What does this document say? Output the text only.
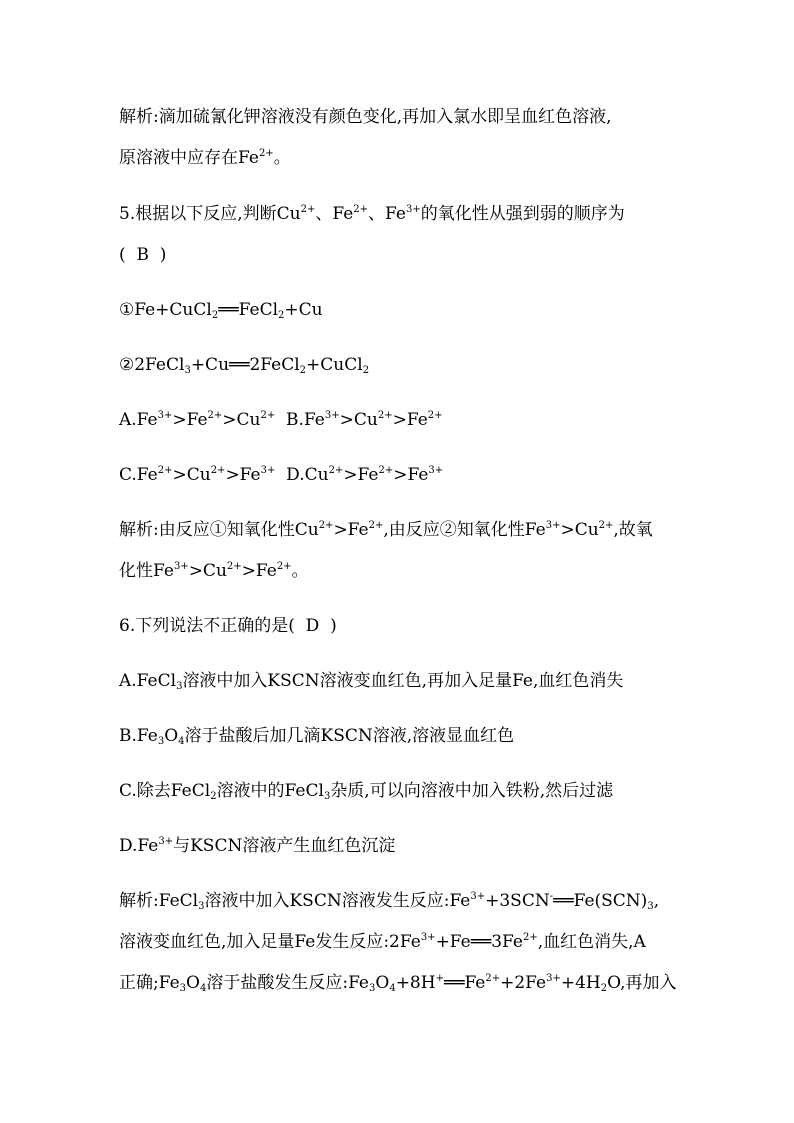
解析:滴加硫氰化钾溶液没有颜色变化,再加入氯水即呈血红色溶液,
原溶液中应存在$Fe^{2+}$。
5.根据以下反应,判断$Cu^{2+}$、$Fe^{2+}$、$Fe^{3+}$的氧化性从强到弱的顺序为
(  B  )
①Fe+CuCl$_2$══FeCl$_2$+Cu
②2FeCl$_3$+Cu══2FeCl$_2$+CuCl$_2$
$A.Fe^{3+}>Fe^{2+}>Cu^{2+}$  $B.Fe^{3+}>Cu^{2+}>Fe^{2+}$
$C.Fe^{2+}>Cu^{2+}>Fe^{3+}$  $D.Cu^{2+}>Fe^{2+}>Fe^{3+}$
解析:由反应①知氧化性$Cu^{2+}>Fe^{2+}$,由反应②知氧化性$Fe^{3+}>Cu^{2+}$,故氧
化性$Fe^{3+}>Cu^{2+}>Fe^{2+}$。
6.下列说法不正确的是(  D  )
A.FeCl$_3$溶液中加入KSCN溶液变血红色,再加入足量Fe,血红色消失
$B.Fe_3O_4$溶于盐酸后加几滴KSCN溶液,溶液显血红色
C.除去FeCl$_2$溶液中的FeCl$_3$杂质,可以向溶液中加入铁粉,然后过滤
$D.Fe^{3+}$与KSCN溶液产生血红色沉淀
解析:FeCl$_3$溶液中加入KSCN溶液发生反应$:Fe^{3+}+3SCN^-══Fe(SCN)_3$,
溶液变血红色,加入足量Fe发生反应$:2Fe^{3+}+Fe══3Fe^{2+}$,血红色消失,A
正确$;Fe_3O_4$溶于盐酸发生反应$:Fe_3O_4+8H^+══Fe^{2+}+2Fe^{3+}+4H_2O$,再加入
